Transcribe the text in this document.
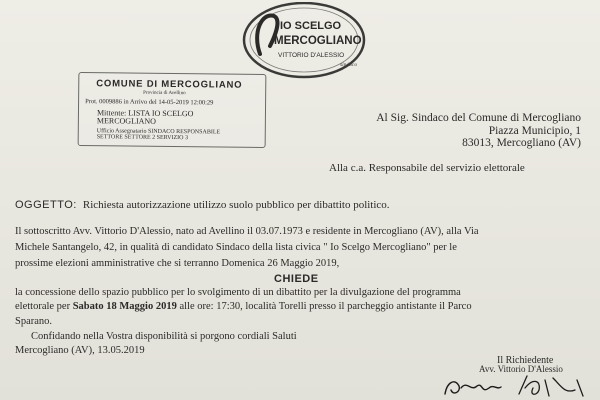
IO SCELGO
MERCOGLIANO
VITTORIO D'ALESSIO
sindaco
COMUNE DI MERCOGLIANO
Provincia di Avellino
Prot. 0009886 in Arrivo del 14-05-2019 12:00:29
Mittente: LISTA IO SCELGO
MERCOGLIANO
Ufficio Assegnatario SINDACO RESPONSABILE
SETTORE SETTORE 2 SERVIZIO 3
Al Sig. Sindaco del Comune di Mercogliano
Piazza Municipio, 1
83013, Mercogliano (AV)
Alla c.a. Responsabile del servizio elettorale
OGGETTO: Richiesta autorizzazione utilizzo suolo pubblico per dibattito politico.
Il sottoscritto Avv. Vittorio D'Alessio, nato ad Avellino il 03.07.1973 e residente in Mercogliano (AV), alla Via
Michele Santangelo, 42, in qualità di candidato Sindaco della lista civica " Io Scelgo Mercogliano" per le
prossime elezioni amministrative che si terranno Domenica 26 Maggio 2019,
CHIEDE
la concessione dello spazio pubblico per lo svolgimento di un dibattito per la divulgazione del programma
elettorale per Sabato 18 Maggio 2019 alle ore: 17:30, località Torelli presso il parcheggio antistante il Parco
Sparano.
Confidando nella Vostra disponibilità si porgono cordiali Saluti
Mercogliano (AV), 13.05.2019
Il Richiedente
Avv. Vittorio D'Alessio
